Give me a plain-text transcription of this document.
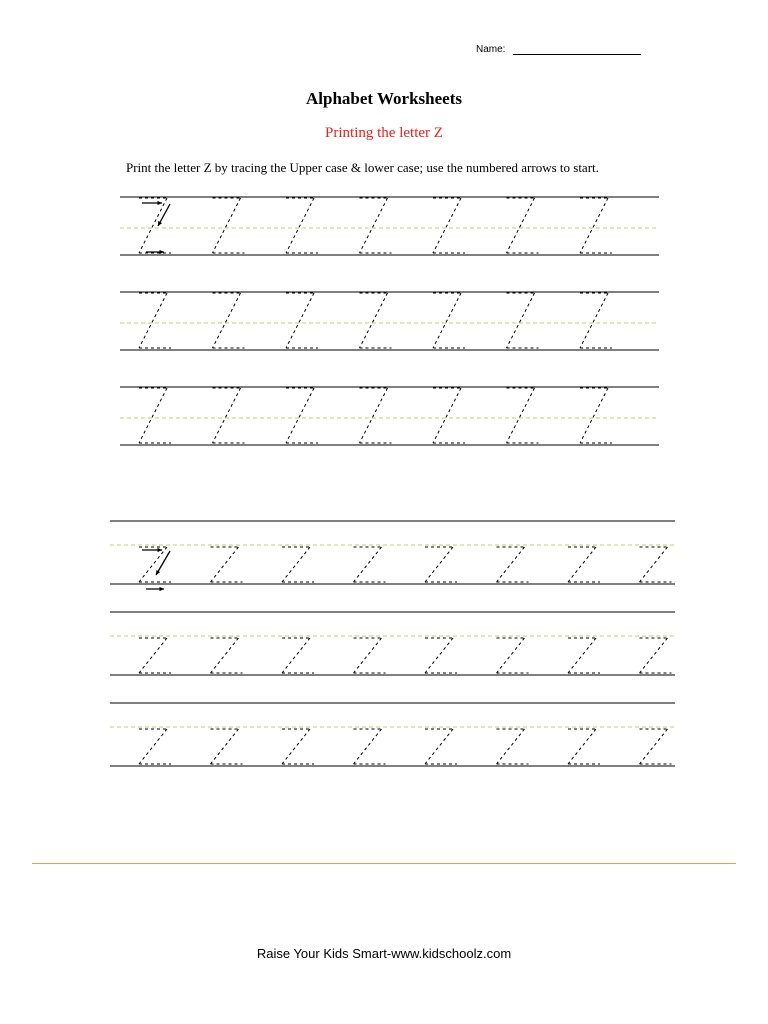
Name:
Alphabet Worksheets
Printing the letter Z
Print the letter Z by tracing the Upper case & lower case; use the numbered arrows to start.
Raise Your Kids Smart-www.kidschoolz.com
